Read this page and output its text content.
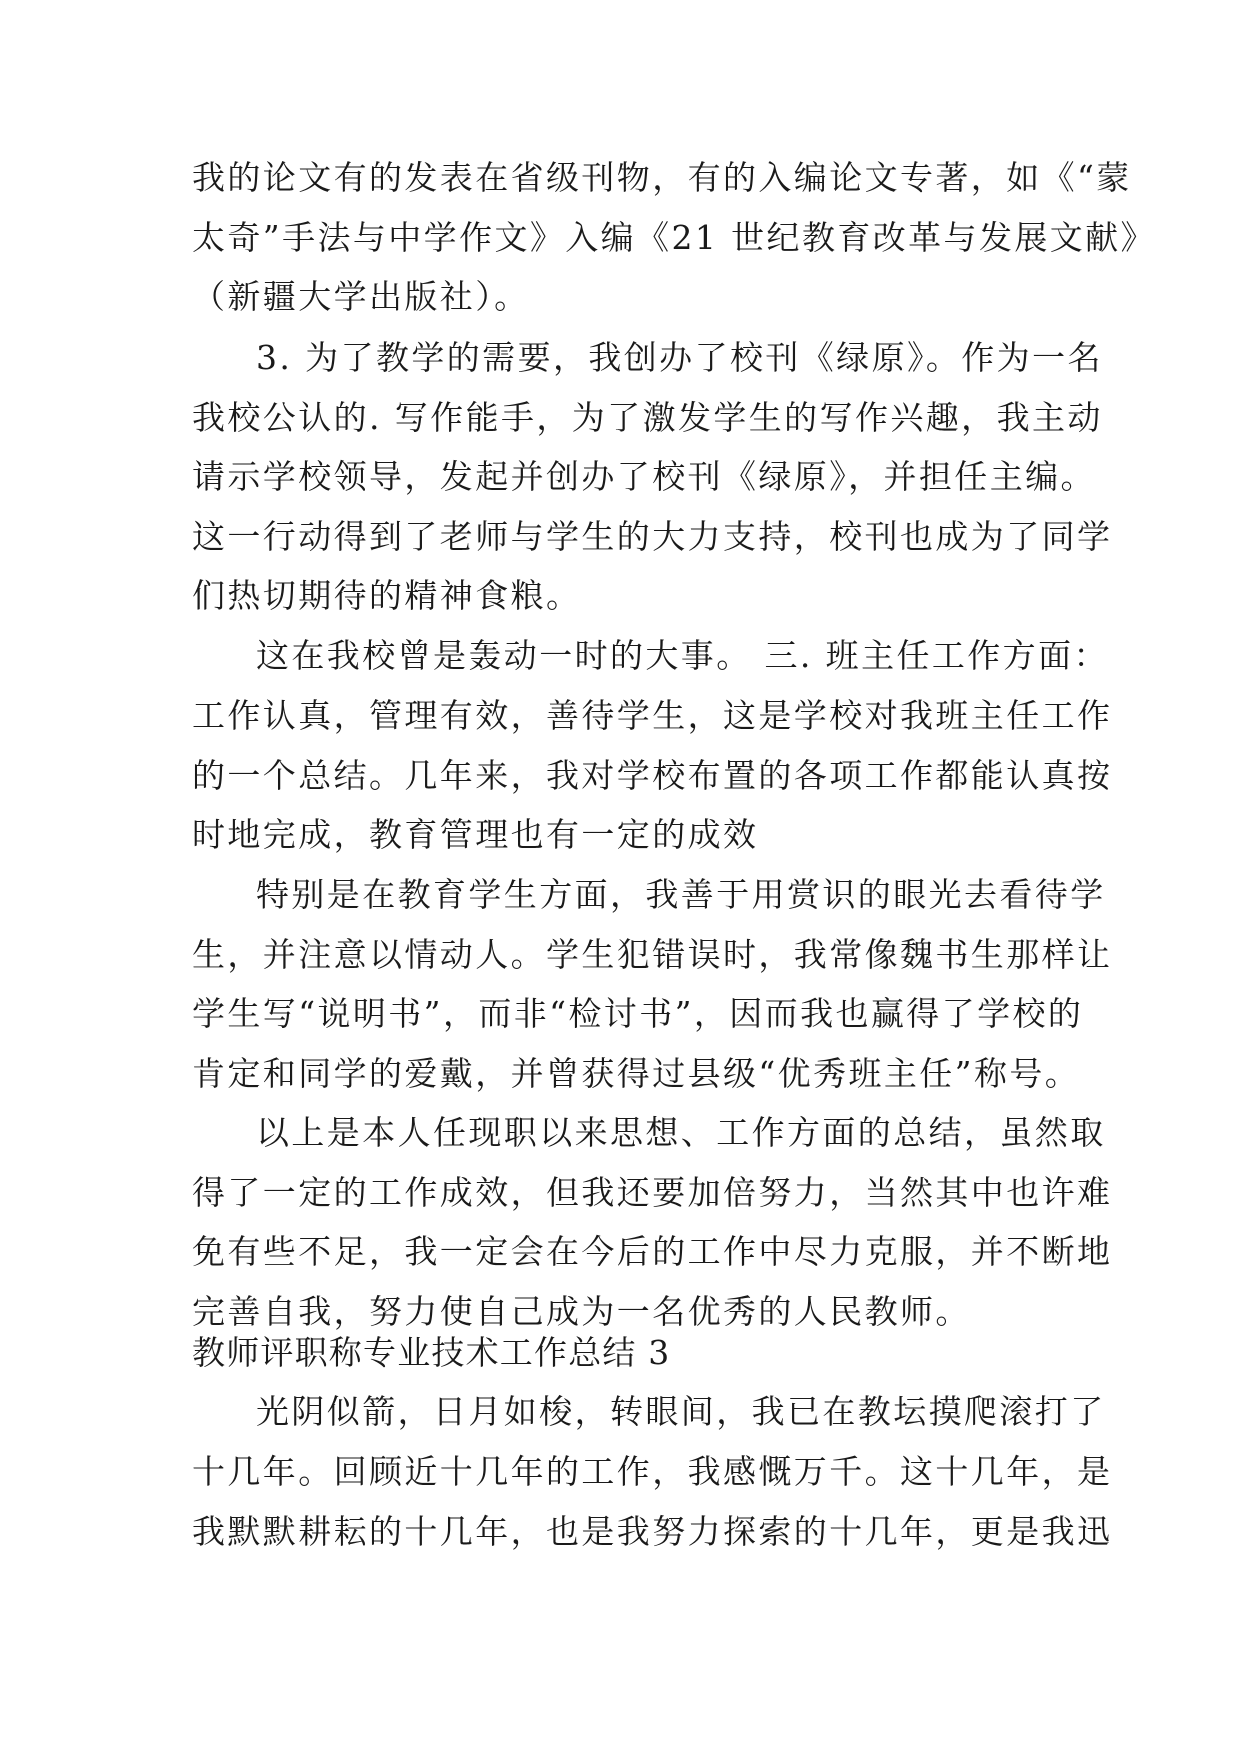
我的论文有的发表在省级刊物，有的入编论文专著，如《“蒙
太奇”手法与中学作文》入编《21 世纪教育改革与发展文献》
（新疆大学出版社）。
3. 为了教学的需要，我创办了校刊《绿原》。作为一名
我校公认的. 写作能手，为了激发学生的写作兴趣，我主动
请示学校领导，发起并创办了校刊《绿原》，并担任主编。
这一行动得到了老师与学生的大力支持，校刊也成为了同学
们热切期待的精神食粮。
这在我校曾是轰动一时的大事。 三. 班主任工作方面：
工作认真，管理有效，善待学生，这是学校对我班主任工作
的一个总结。几年来，我对学校布置的各项工作都能认真按
时地完成，教育管理也有一定的成效
特别是在教育学生方面，我善于用赏识的眼光去看待学
生，并注意以情动人。学生犯错误时，我常像魏书生那样让
学生写“说明书”，而非“检讨书”，因而我也赢得了学校的
肯定和同学的爱戴，并曾获得过县级“优秀班主任”称号。
以上是本人任现职以来思想、工作方面的总结，虽然取
得了一定的工作成效，但我还要加倍努力，当然其中也许难
免有些不足，我一定会在今后的工作中尽力克服，并不断地
完善自我，努力使自己成为一名优秀的人民教师。
教师评职称专业技术工作总结 3
光阴似箭，日月如梭，转眼间，我已在教坛摸爬滚打了
十几年。回顾近十几年的工作，我感慨万千。这十几年，是
我默默耕耘的十几年，也是我努力探索的十几年，更是我迅
